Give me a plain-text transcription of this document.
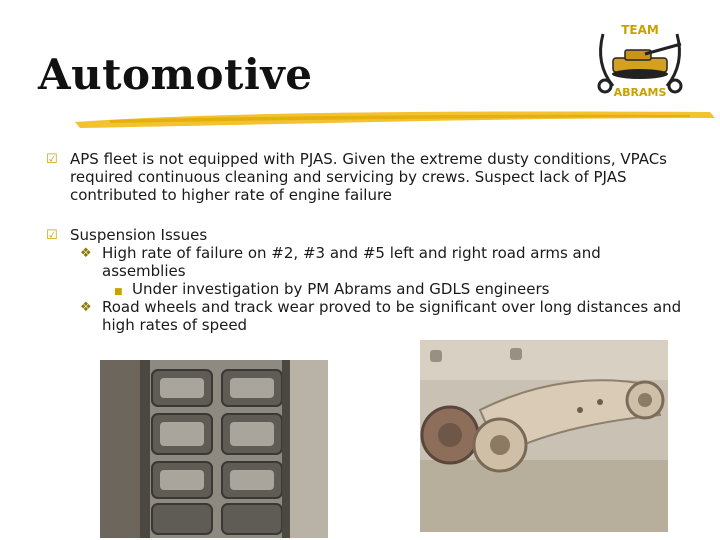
Automotive
TEAM
ABRAMS
☑ APS fleet is not equipped with PJAS. Given the extreme dusty conditions, VPACs required continuous cleaning and servicing by crews. Suspect lack of PJAS contributed to higher rate of engine failure
☑ Suspension Issues
❖ High rate of failure on #2, #3 and #5 left and right road arms and assemblies
■ Under investigation by PM Abrams and GDLS engineers
❖ Road wheels and track wear proved to be significant over long distances and high rates of speed
